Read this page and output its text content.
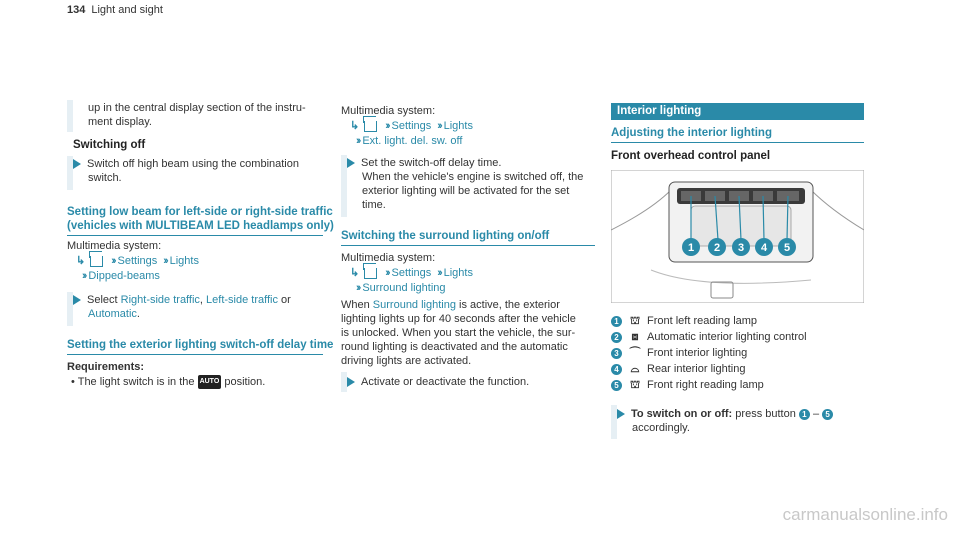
134 Light and sight
up in the central display section of the instru-
ment display.
Switching off
Switch off high beam using the combination
switch.
Setting low beam for left-side or right-side traffic
(vehicles with MULTIBEAM LED headlamps only)
Multimedia system:
↳ ›› Settings ›› Lights
›› Dipped-beams
Select Right-side traffic, Left-side traffic or
Automatic.
Setting the exterior lighting switch-off delay time
Requirements:
• The light switch is in the AUTO position.
Multimedia system:
↳ ›› Settings ›› Lights
›› Ext. light. del. sw. off
Set the switch-off delay time.
When the vehicle's engine is switched off, the
exterior lighting will be activated for the set
time.
Switching the surround lighting on/off
Multimedia system:
↳ ›› Settings ›› Lights
›› Surround lighting
When Surround lighting is active, the exterior
lighting lights up for 40 seconds after the vehicle
is unlocked. When you start the vehicle, the sur-
round lighting is deactivated and the automatic
driving lights are activated.
Activate or deactivate the function.
Interior lighting
Adjusting the interior lighting
Front overhead control panel
1 2 3 4 5
1 ⛫ Front left reading lamp
2 ⧈ Automatic interior lighting control
3 ⌒ Front interior lighting
4 ⌓ Rear interior lighting
5 ⛫ Front right reading lamp
To switch on or off: press button 1 – 5
accordingly.
carmanualsonline.info
